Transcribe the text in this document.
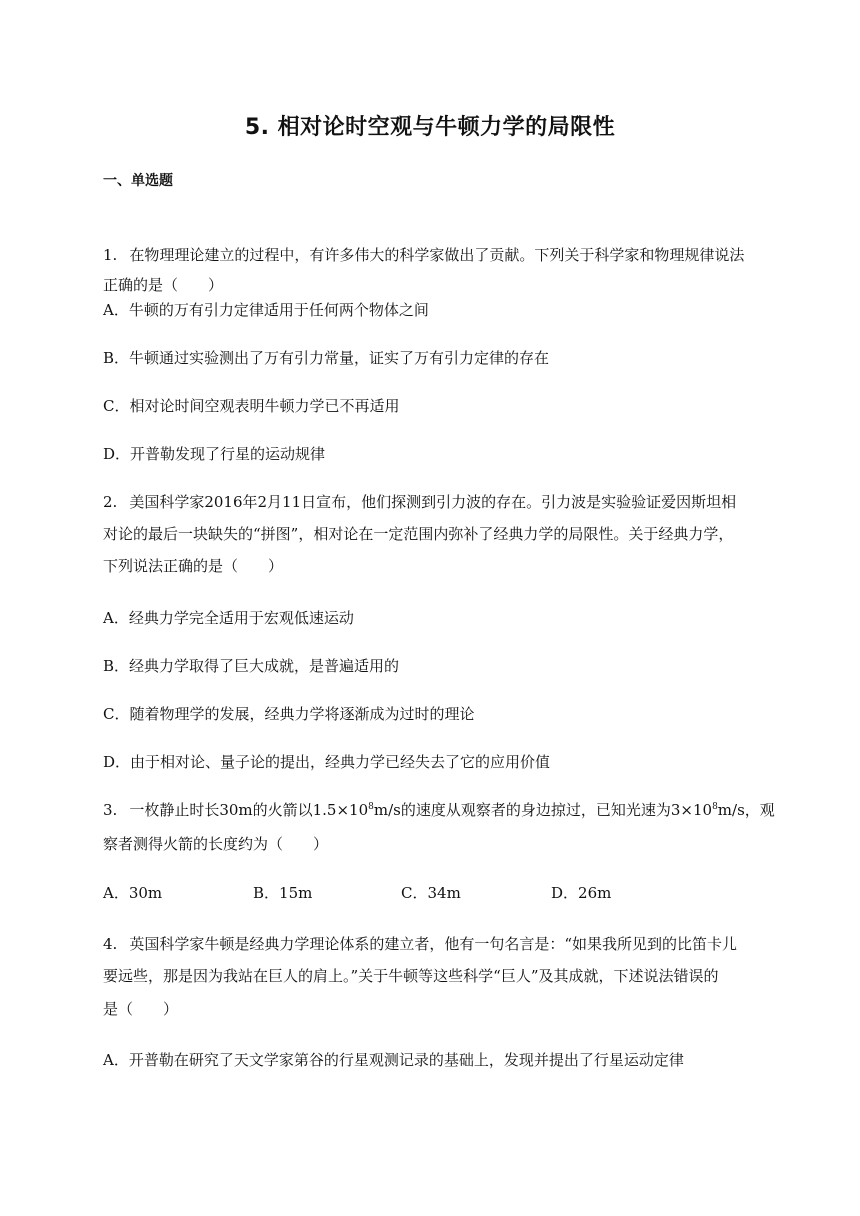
5. 相对论时空观与牛顿力学的局限性
一、单选题
1. 在物理理论建立的过程中，有许多伟大的科学家做出了贡献。下列关于科学家和物理规律说法
正确的是（　　）
A．牛顿的万有引力定律适用于任何两个物体之间
B．牛顿通过实验测出了万有引力常量，证实了万有引力定律的存在
C．相对论时间空观表明牛顿力学已不再适用
D．开普勒发现了行星的运动规律
2. 美国科学家2016年2月11日宣布，他们探测到引力波的存在。引力波是实验验证爱因斯坦相
对论的最后一块缺失的“拼图”，相对论在一定范围内弥补了经典力学的局限性。关于经典力学，
下列说法正确的是（　　）
A．经典力学完全适用于宏观低速运动
B．经典力学取得了巨大成就，是普遍适用的
C．随着物理学的发展，经典力学将逐渐成为过时的理论
D．由于相对论、量子论的提出，经典力学已经失去了它的应用价值
3. 一枚静止时长30m的火箭以$1.5\times 10^8m/s$的速度从观察者的身边掠过，已知光速为$3\times 10^8m/s$，观
察者测得火箭的长度约为（　　）
A．30m	B．15m	C．34m	D．26m
4. 英国科学家牛顿是经典力学理论体系的建立者，他有一句名言是：“如果我所见到的比笛卡儿
要远些，那是因为我站在巨人的肩上。”关于牛顿等这些科学“巨人”及其成就，下述说法错误的
是（　　）
A．开普勒在研究了天文学家第谷的行星观测记录的基础上，发现并提出了行星运动定律
